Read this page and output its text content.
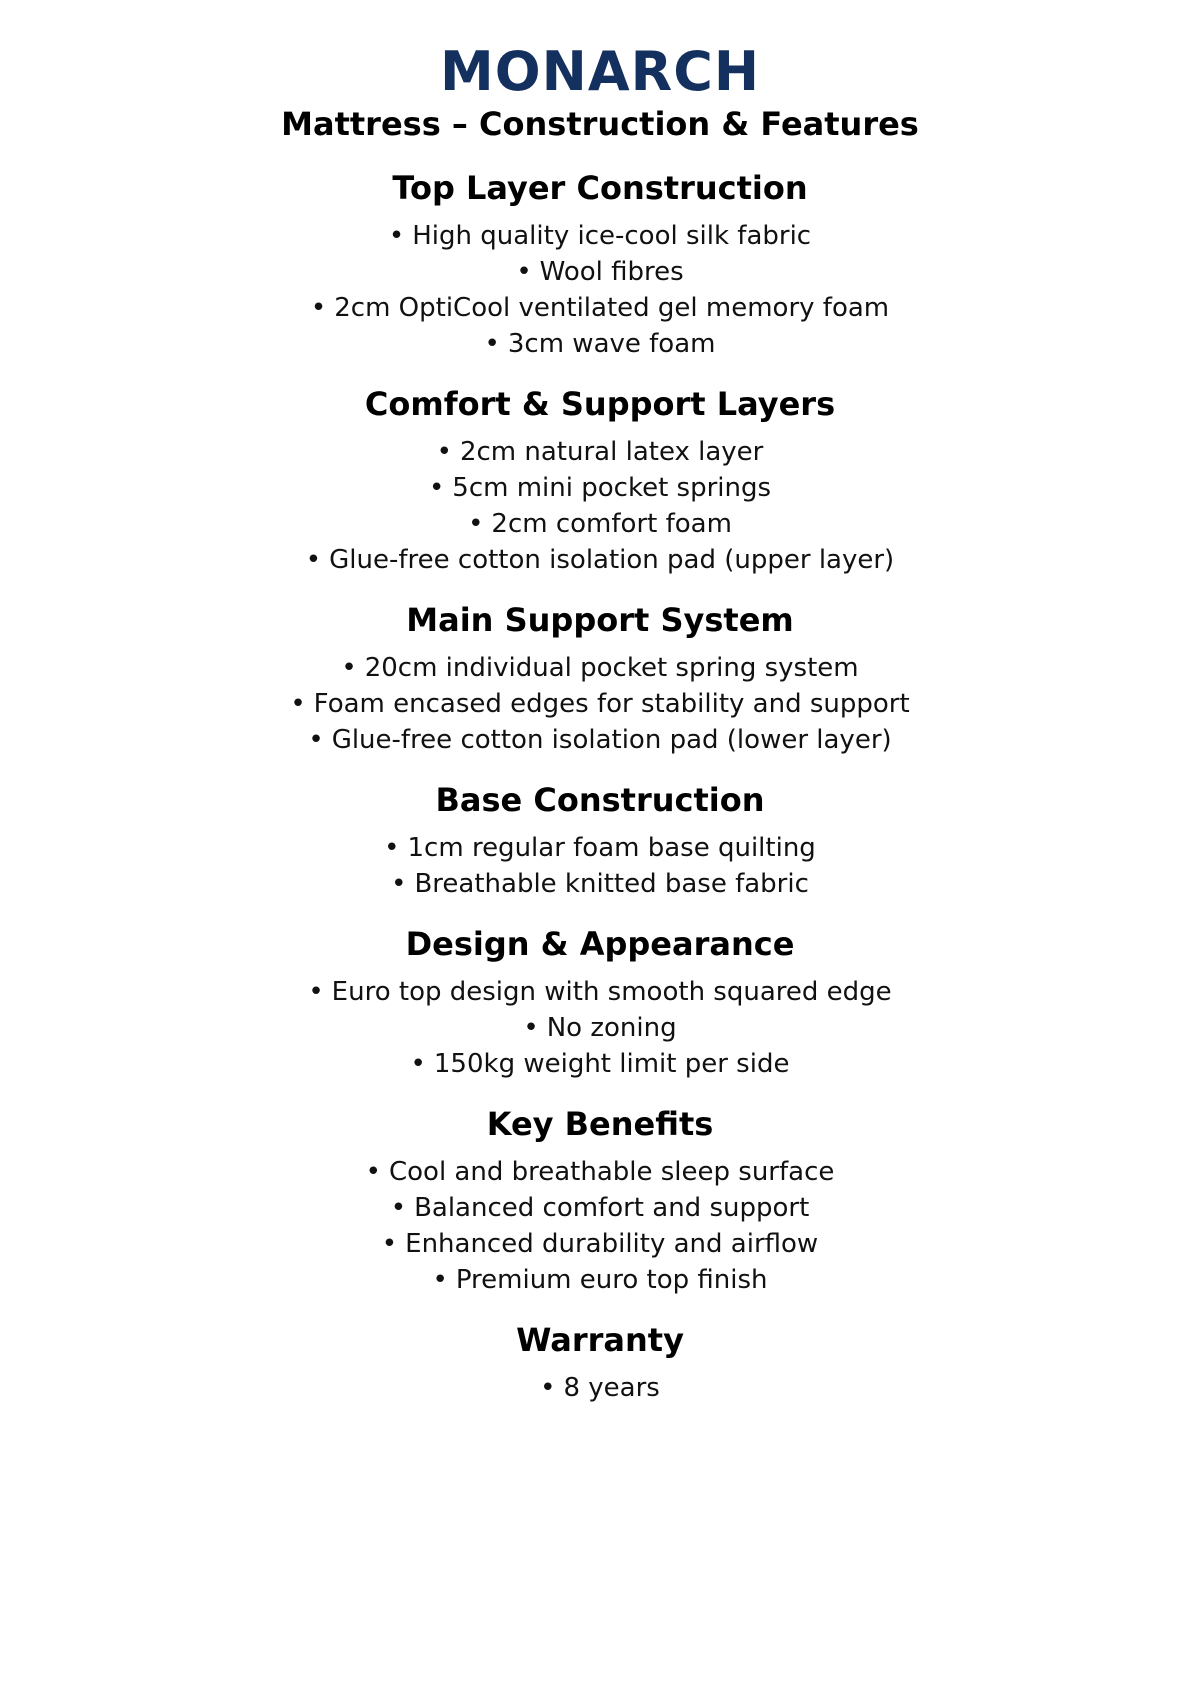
MONARCH
Mattress – Construction & Features
Top Layer Construction
• High quality ice-cool silk fabric
• Wool fibres
• 2cm OptiCool ventilated gel memory foam
• 3cm wave foam
Comfort & Support Layers
• 2cm natural latex layer
• 5cm mini pocket springs
• 2cm comfort foam
• Glue-free cotton isolation pad (upper layer)
Main Support System
• 20cm individual pocket spring system
• Foam encased edges for stability and support
• Glue-free cotton isolation pad (lower layer)
Base Construction
• 1cm regular foam base quilting
• Breathable knitted base fabric
Design & Appearance
• Euro top design with smooth squared edge
• No zoning
• 150kg weight limit per side
Key Benefits
• Cool and breathable sleep surface
• Balanced comfort and support
• Enhanced durability and airflow
• Premium euro top finish
Warranty
• 8 years
